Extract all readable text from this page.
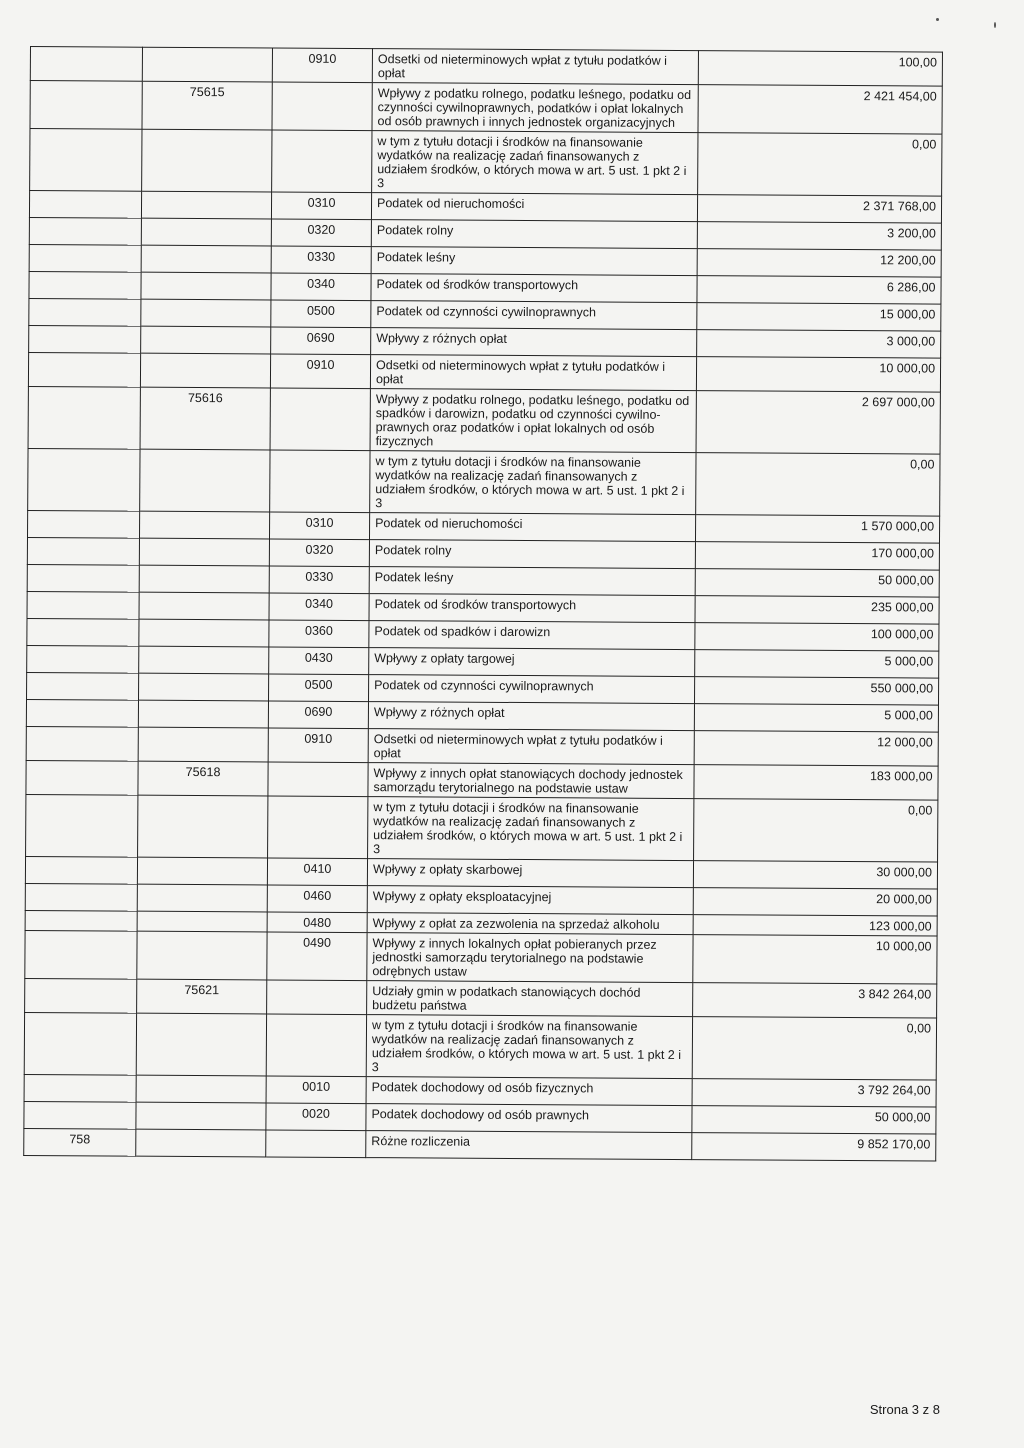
		0910	Odsetki od nieterminowych wpłat z tytułu podatków i opłat	100,00
	75615		Wpływy z podatku rolnego, podatku leśnego, podatku od czynności cywilnoprawnych, podatków i opłat lokalnych od osób prawnych i innych jednostek organizacyjnych	2 421 454,00
			w tym z tytułu dotacji i środków na finansowanie wydatków na realizację zadań finansowanych z udziałem środków, o których mowa w art. 5 ust. 1 pkt 2 i 3	0,00
		0310	Podatek od nieruchomości	2 371 768,00
		0320	Podatek rolny	3 200,00
		0330	Podatek leśny	12 200,00
		0340	Podatek od środków transportowych	6 286,00
		0500	Podatek od czynności cywilnoprawnych	15 000,00
		0690	Wpływy z różnych opłat	3 000,00
		0910	Odsetki od nieterminowych wpłat z tytułu podatków i opłat	10 000,00
	75616		Wpływy z podatku rolnego, podatku leśnego, podatku od spadków i darowizn, podatku od czynności cywilno-prawnych oraz podatków i opłat lokalnych od osób fizycznych	2 697 000,00
			w tym z tytułu dotacji i środków na finansowanie wydatków na realizację zadań finansowanych z udziałem środków, o których mowa w art. 5 ust. 1 pkt 2 i 3	0,00
		0310	Podatek od nieruchomości	1 570 000,00
		0320	Podatek rolny	170 000,00
		0330	Podatek leśny	50 000,00
		0340	Podatek od środków transportowych	235 000,00
		0360	Podatek od spadków i darowizn	100 000,00
		0430	Wpływy z opłaty targowej	5 000,00
		0500	Podatek od czynności cywilnoprawnych	550 000,00
		0690	Wpływy z różnych opłat	5 000,00
		0910	Odsetki od nieterminowych wpłat z tytułu podatków i opłat	12 000,00
	75618		Wpływy z innych opłat stanowiących dochody jednostek samorządu terytorialnego na podstawie ustaw	183 000,00
			w tym z tytułu dotacji i środków na finansowanie wydatków na realizację zadań finansowanych z udziałem środków, o których mowa w art. 5 ust. 1 pkt 2 i 3	0,00
		0410	Wpływy z opłaty skarbowej	30 000,00
		0460	Wpływy z opłaty eksploatacyjnej	20 000,00
		0480	Wpływy z opłat za zezwolenia na sprzedaż alkoholu	123 000,00
		0490	Wpływy z innych lokalnych opłat pobieranych przez jednostki samorządu terytorialnego na podstawie odrębnych ustaw	10 000,00
	75621		Udziały gmin w podatkach stanowiących dochód budżetu państwa	3 842 264,00
			w tym z tytułu dotacji i środków na finansowanie wydatków na realizację zadań finansowanych z udziałem środków, o których mowa w art. 5 ust. 1 pkt 2 i 3	0,00
		0010	Podatek dochodowy od osób fizycznych	3 792 264,00
		0020	Podatek dochodowy od osób prawnych	50 000,00
758			Różne rozliczenia	9 852 170,00
Strona 3 z 8
